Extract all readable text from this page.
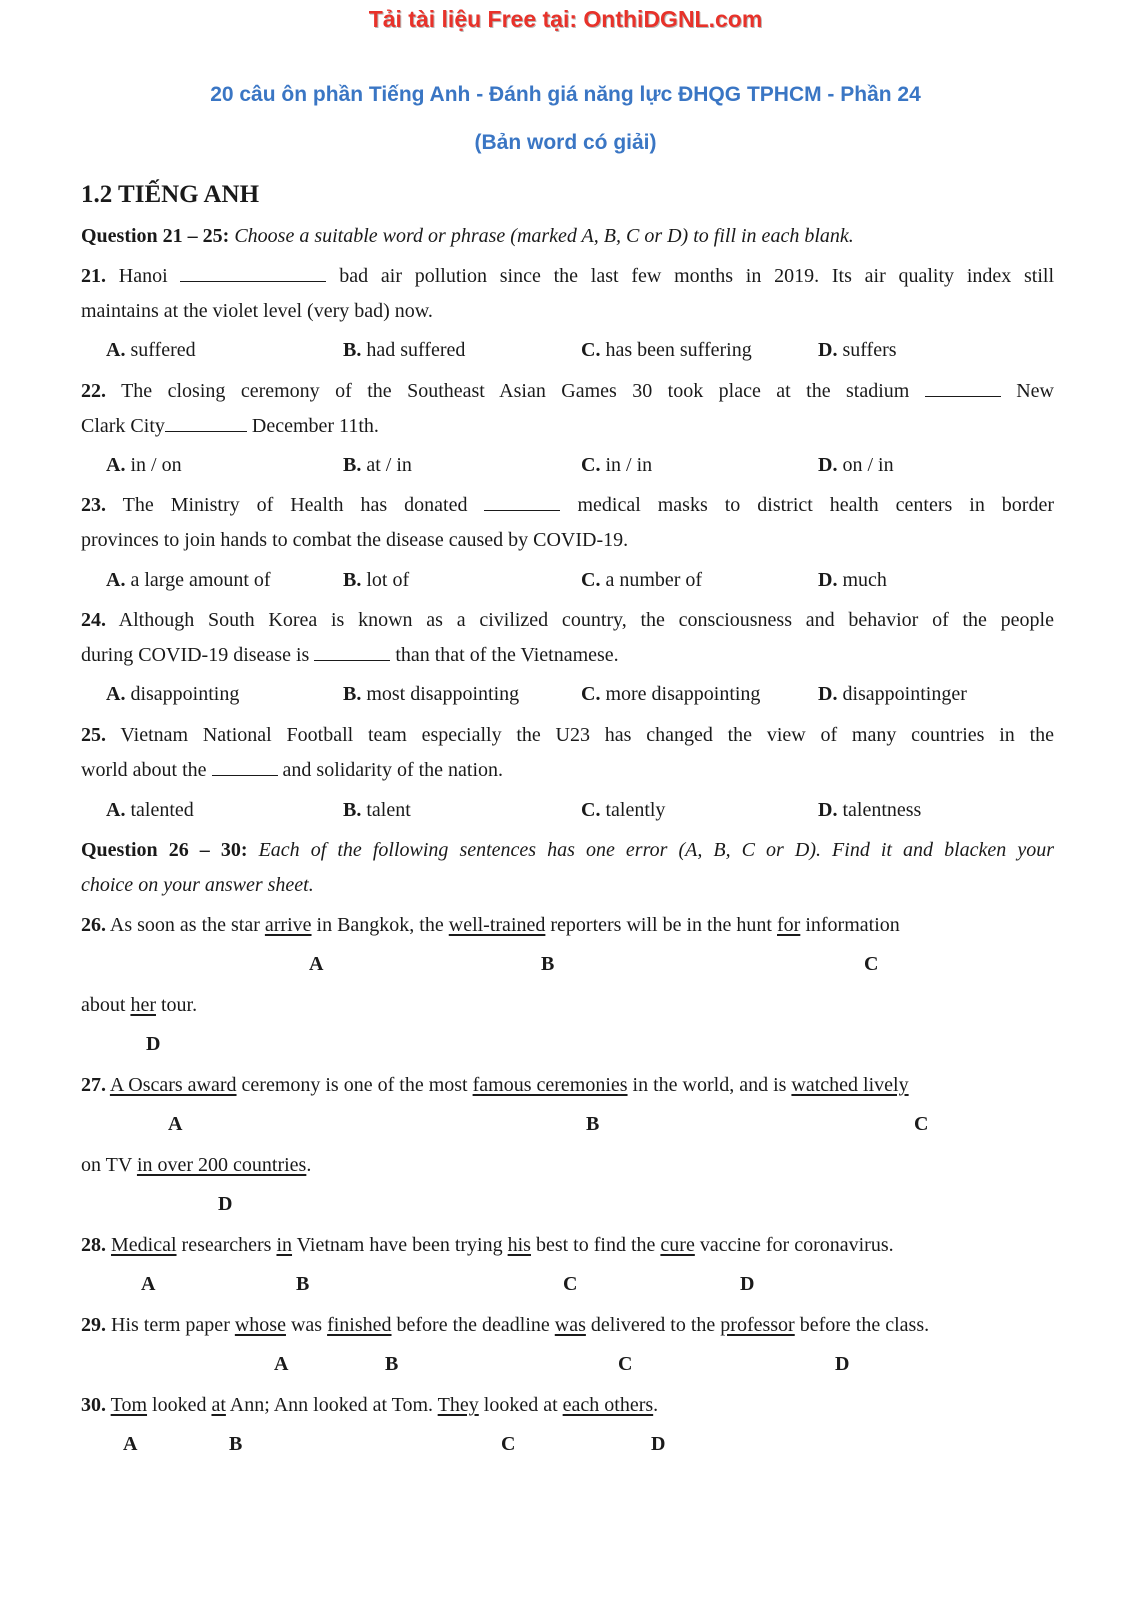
Tải tài liệu Free tại: OnthiDGNL.com
20 câu ôn phần Tiếng Anh - Đánh giá năng lực ĐHQG TPHCM - Phần 24
(Bản word có giải)
1.2 TIẾNG ANH
Question 21 – 25: Choose a suitable word or phrase (marked A, B, C or D) to fill in each blank.
21. Hanoi	bad air pollution since the last few months in 2019. Its air quality index still
maintains at the violet level (very bad) now.
A. suffered	B. had suffered	C. has been suffering	D. suffers
22. The closing ceremony of the Southeast Asian Games 30 took place at the stadium	New
Clark City	December 11th.
A. in / on	B. at / in	C. in / in	D. on / in
23. The Ministry of Health has donated	medical masks to district health centers in border
provinces to join hands to combat the disease caused by COVID-19.
A. a large amount of	B. lot of	C. a number of	D. much
24. Although South Korea is known as a civilized country, the consciousness and behavior of the people
during COVID-19 disease is	than that of the Vietnamese.
A. disappointing	B. most disappointing	C. more disappointing	D. disappointinger
25. Vietnam National Football team especially the U23 has changed the view of many countries in the
world about the	and solidarity of the nation.
A. talented	B. talent	C. talently	D. talentness
Question 26 – 30: Each of the following sentences has one error (A, B, C or D). Find it and blacken your
choice on your answer sheet.
26. As soon as the star arrive in Bangkok, the well-trained reporters will be in the hunt for information
A	B	C
about her tour.
D
27. A Oscars award ceremony is one of the most famous ceremonies in the world, and is watched lively
A	B	C
on TV in over 200 countries.
D
28. Medical researchers in Vietnam have been trying his best to find the cure vaccine for coronavirus.
A	B	C	D
29. His term paper whose was finished before the deadline was delivered to the professor before the class.
A	B	C	D
30. Tom looked at Ann; Ann looked at Tom. They looked at each others.
A	B	C	D
